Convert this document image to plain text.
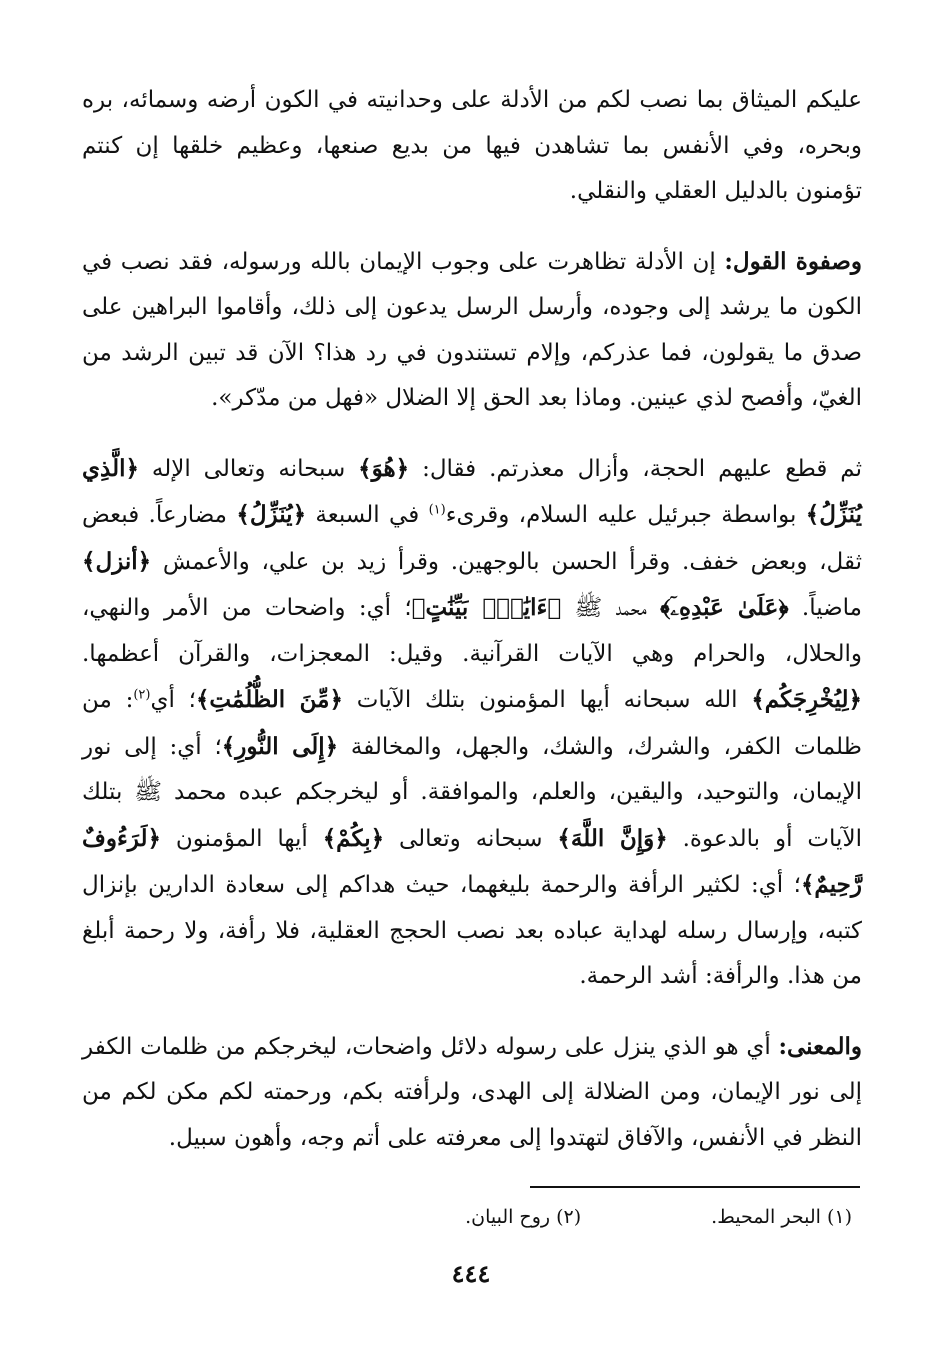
عليكم الميثاق بما نصب لكم من الأدلة على وحدانيته في الكون أرضه وسمائه، بره وبحره، وفي الأنفس بما تشاهدن فيها من بديع صنعها، وعظيم خلقها إن كنتم تؤمنون بالدليل العقلي والنقلي.

وصفوة القول: إن الأدلة تظاهرت على وجوب الإيمان بالله ورسوله، فقد نصب في الكون ما يرشد إلى وجوده، وأرسل الرسل يدعون إلى ذلك، وأقاموا البراهين على صدق ما يقولون، فما عذركم، وإلام تستندون في رد هذا؟ الآن قد تبين الرشد من الغيّ، وأفصح لذي عينين. وماذا بعد الحق إلا الضلال «فهل من مدّكر».

ثم قطع عليهم الحجة، وأزال معذرتم. فقال: ﴿هُوَ﴾ سبحانه وتعالى الإله ﴿الَّذِي يُنَزِّلُ﴾ بواسطة جبرئيل عليه السلام، وقرىء$^{(١)}$ في السبعة ﴿يُنَزِّلُ﴾ مضارعاً. فبعض ثقل، وبعض خفف. وقرأ الحسن بالوجهين. وقرأ زيد بن علي، والأعمش ﴿أنزل﴾ ماضياً. ﴿عَلَىٰ عَبْدِهِۦٓ﴾ محمد ﷺ ﴿ءَايَٰتٍۭ بَيِّنَٰتٍ﴾؛ أي: واضحات من الأمر والنهي، والحلال، والحرام وهي الآيات القرآنية. وقيل: المعجزات، والقرآن أعظمها. ﴿لِيُخْرِجَكُم﴾ الله سبحانه أيها المؤمنون بتلك الآيات ﴿مِّنَ الظُّلُمَٰتِ﴾؛ أي$^{(٢)}$: من ظلمات الكفر، والشرك، والشك، والجهل، والمخالفة ﴿إِلَى النُّورِ﴾؛ أي: إلى نور الإيمان، والتوحيد، واليقين، والعلم، والموافقة. أو ليخرجكم عبده محمد ﷺ بتلك الآيات أو بالدعوة. ﴿وَإِنَّ اللَّهَ﴾ سبحانه وتعالى ﴿بِكُمْ﴾ أيها المؤمنون ﴿لَرَءُوفٌ رَّحِيمٌ﴾؛ أي: لكثير الرأفة والرحمة بليغهما، حيث هداكم إلى سعادة الدارين بإنزال كتبه، وإرسال رسله لهداية عباده بعد نصب الحجج العقلية، فلا رأفة، ولا رحمة أبلغ من هذا. والرأفة: أشد الرحمة.

والمعنى: أي هو الذي ينزل على رسوله دلائل واضحات، ليخرجكم من ظلمات الكفر إلى نور الإيمان، ومن الضلالة إلى الهدى، ولرأفته بكم، ورحمته لكم مكن لكم من النظر في الأنفس، والآفاق لتهتدوا إلى معرفته على أتم وجه، وأهون سبيل.

(١) البحر المحيط.
(٢) روح البيان.
٤٤٤
